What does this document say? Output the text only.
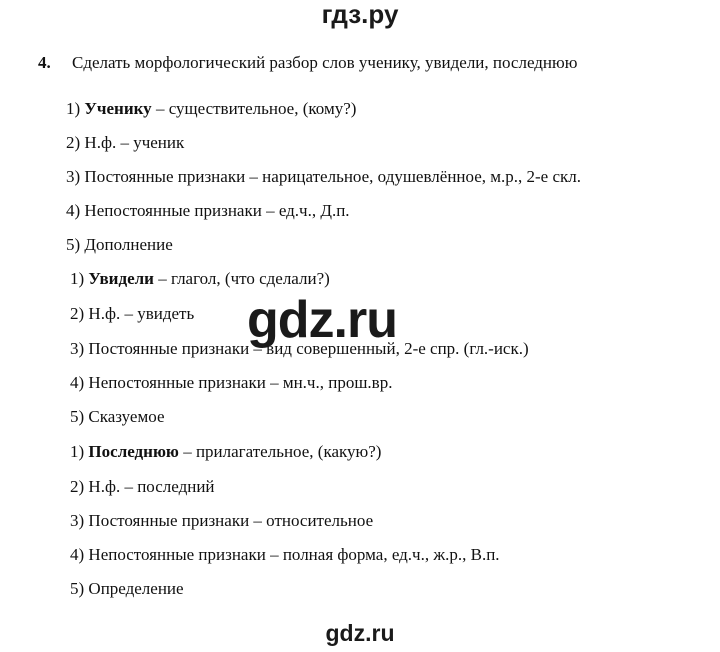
гдз.ру
4. Сделать морфологический разбор слов ученику, увидели, последнюю
1) Ученику – существительное, (кому?)
2) Н.ф. – ученик
3) Постоянные признаки – нарицательное, одушевлённое, м.р., 2-е скл.
4) Непостоянные признаки – ед.ч., Д.п.
5) Дополнение
1) Увидели – глагол, (что сделали?)
2) Н.ф. – увидеть
3) Постоянные признаки – вид совершенный, 2-е спр. (гл.-иск.)
4) Непостоянные признаки – мн.ч., прош.вр.
5) Сказуемое
1) Последнюю – прилагательное, (какую?)
2) Н.ф. – последний
3) Постоянные признаки – относительное
4) Непостоянные признаки – полная форма, ед.ч., ж.р., В.п.
5) Определение
gdz.ru
gdz.ru
